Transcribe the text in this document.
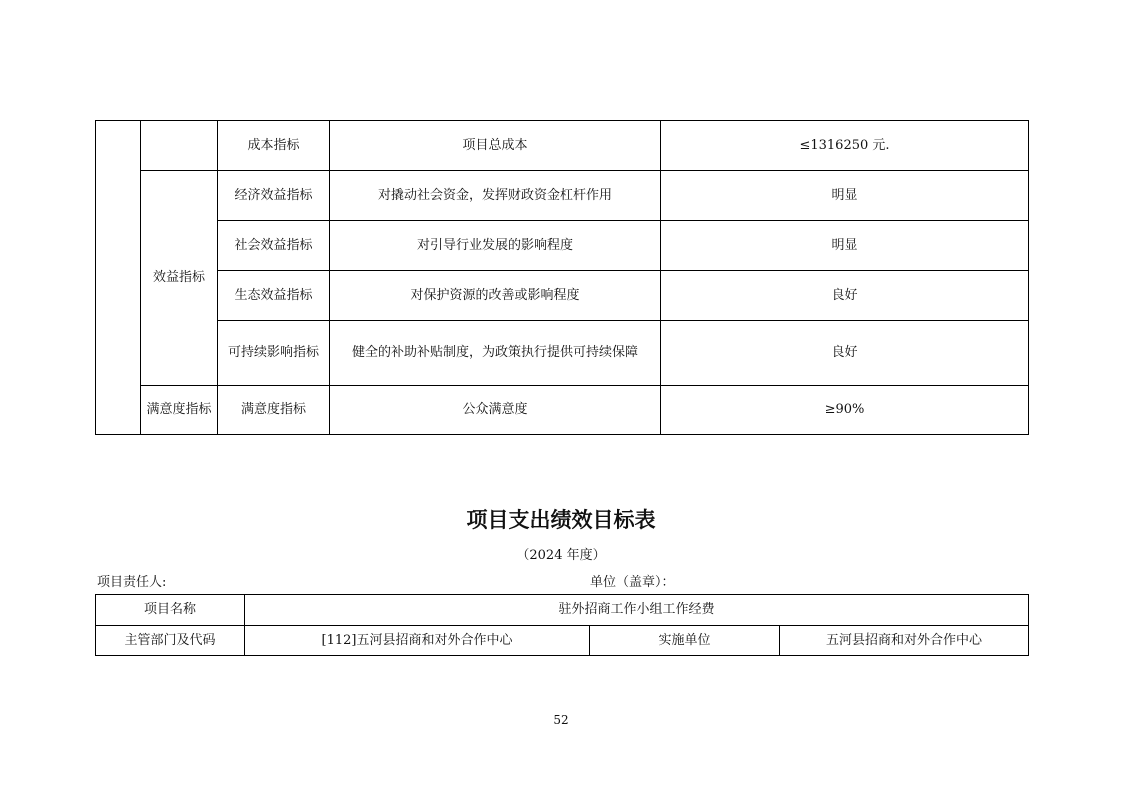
		成本指标	项目总成本	≤1316250 元.
	效益指标	经济效益指标	对撬动社会资金，发挥财政资金杠杆作用	明显
		社会效益指标	对引导行业发展的影响程度	明显
		生态效益指标	对保护资源的改善或影响程度	良好
		可持续影响指标	健全的补助补贴制度，为政策执行提供可持续保障	良好
	满意度指标	满意度指标	公众满意度	≥90%
项目支出绩效目标表
（2024 年度）
项目责任人:	单位（盖章）：
项目名称	驻外招商工作小组工作经费		
主管部门及代码	[112]五河县招商和对外合作中心	实施单位	五河县招商和对外合作中心
52
